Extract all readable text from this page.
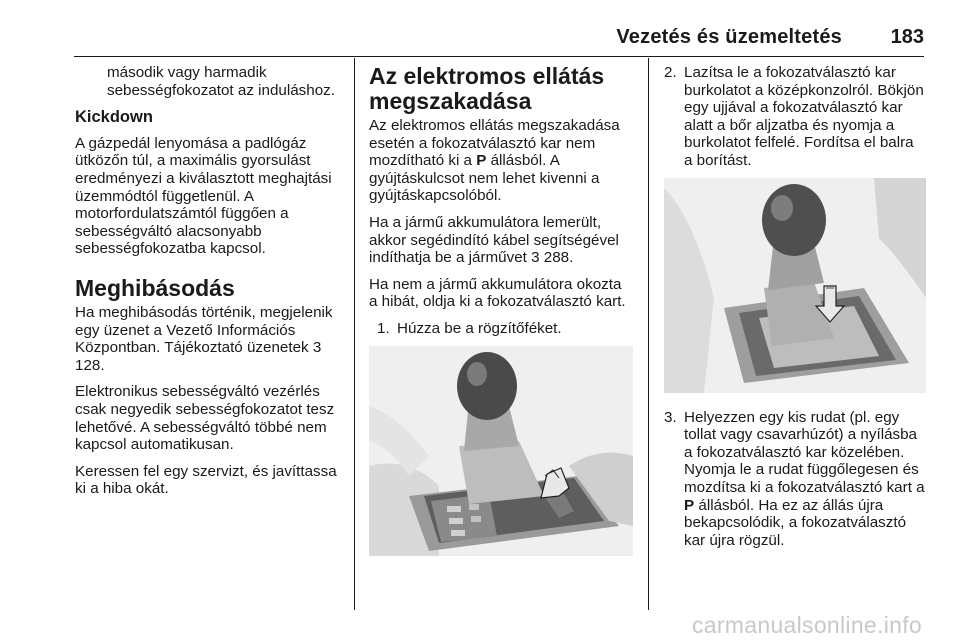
Vezetés és üzemeltetés 183

második vagy harmadik sebességfokozatot az induláshoz.

Kickdown

A gázpedál lenyomása a padlógáz ütközőn túl, a maximális gyorsulást eredményezi a kiválasztott meghajtási üzemmódtól függetlenül. A motorfordulatszámtól függően a sebességváltó alacsonyabb sebességfokozatba kapcsol.

Meghibásodás

Ha meghibásodás történik, megjelenik egy üzenet a Vezető Információs Központban. Tájékoztató üzenetek 3 128.

Elektronikus sebességváltó vezérlés csak negyedik sebességfokozatot tesz lehetővé. A sebességváltó többé nem kapcsol automatikusan.

Keressen fel egy szervizt, és javíttassa ki a hiba okát.

Az elektromos ellátás megszakadása

Az elektromos ellátás megszakadása esetén a fokozatválasztó kar nem mozdítható ki a P állásból. A gyújtáskulcsot nem lehet kivenni a gyújtáskapcsolóból.

Ha a jármű akkumulátora lemerült, akkor segédindító kábel segítségével indíthatja be a járművet 3 288.

Ha nem a jármű akkumulátora okozta a hibát, oldja ki a fokozatválasztó kart.

1. Húzza be a rögzítőféket.
2. Lazítsa le a fokozatválasztó kar burkolatot a középkonzolról. Bökjön egy ujjával a fokozatválasztó kar alatt a bőr aljzatba és nyomja a burkolatot felfelé. Fordítsa el balra a borítást.
3. Helyezzen egy kis rudat (pl. egy tollat vagy csavarhúzót) a nyílásba a fokozatválasztó kar közelében. Nyomja le a rudat függőlegesen és mozdítsa ki a fokozatválasztó kart a P állásból. Ha ez az állás újra bekapcsolódik, a fokozatválasztó kar újra rögzül.
carmanualsonline.info
